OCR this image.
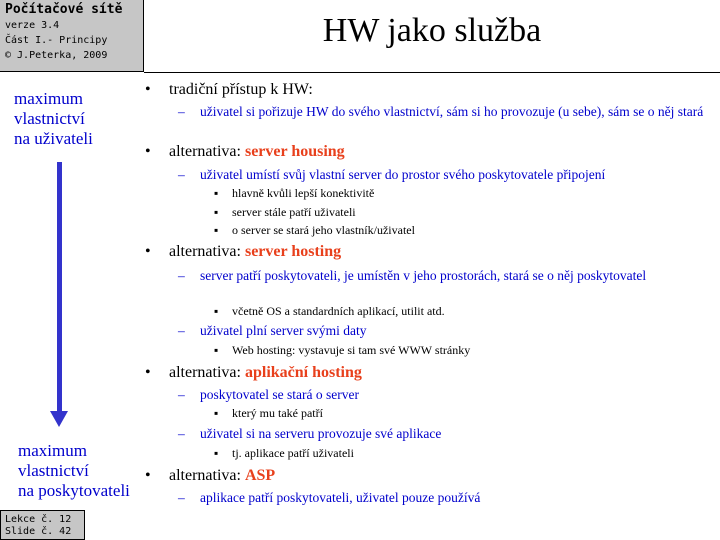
Počítačové sítě
verze 3.4
Část I.- Principy
© J.Peterka, 2009
HW jako služba
maximum
vlastnictví
na uživateli
maximum
vlastnictví
na poskytovateli
Lekce č. 12
Slide č. 42
• tradiční přístup k HW:
– uživatel si pořizuje HW do svého vlastnictví, sám si ho provozuje (u sebe), sám se o něj stará
• alternativa: server housing
– uživatel umístí svůj vlastní server do prostor svého poskytovatele připojení
▪ hlavně kvůli lepší konektivitě
▪ server stále patří uživateli
▪ o server se stará jeho vlastník/uživatel
• alternativa: server hosting
– server patří poskytovateli, je umístěn v jeho prostorách, stará se o něj poskytovatel
▪ včetně OS a standardních aplikací, utilit atd.
– uživatel plní server svými daty
▪ Web hosting: vystavuje si tam své WWW stránky
• alternativa: aplikační hosting
– poskytovatel se stará o server
▪ který mu také patří
– uživatel si na serveru provozuje své aplikace
▪ tj. aplikace patří uživateli
• alternativa: ASP
– aplikace patří poskytovateli, uživatel pouze používá
